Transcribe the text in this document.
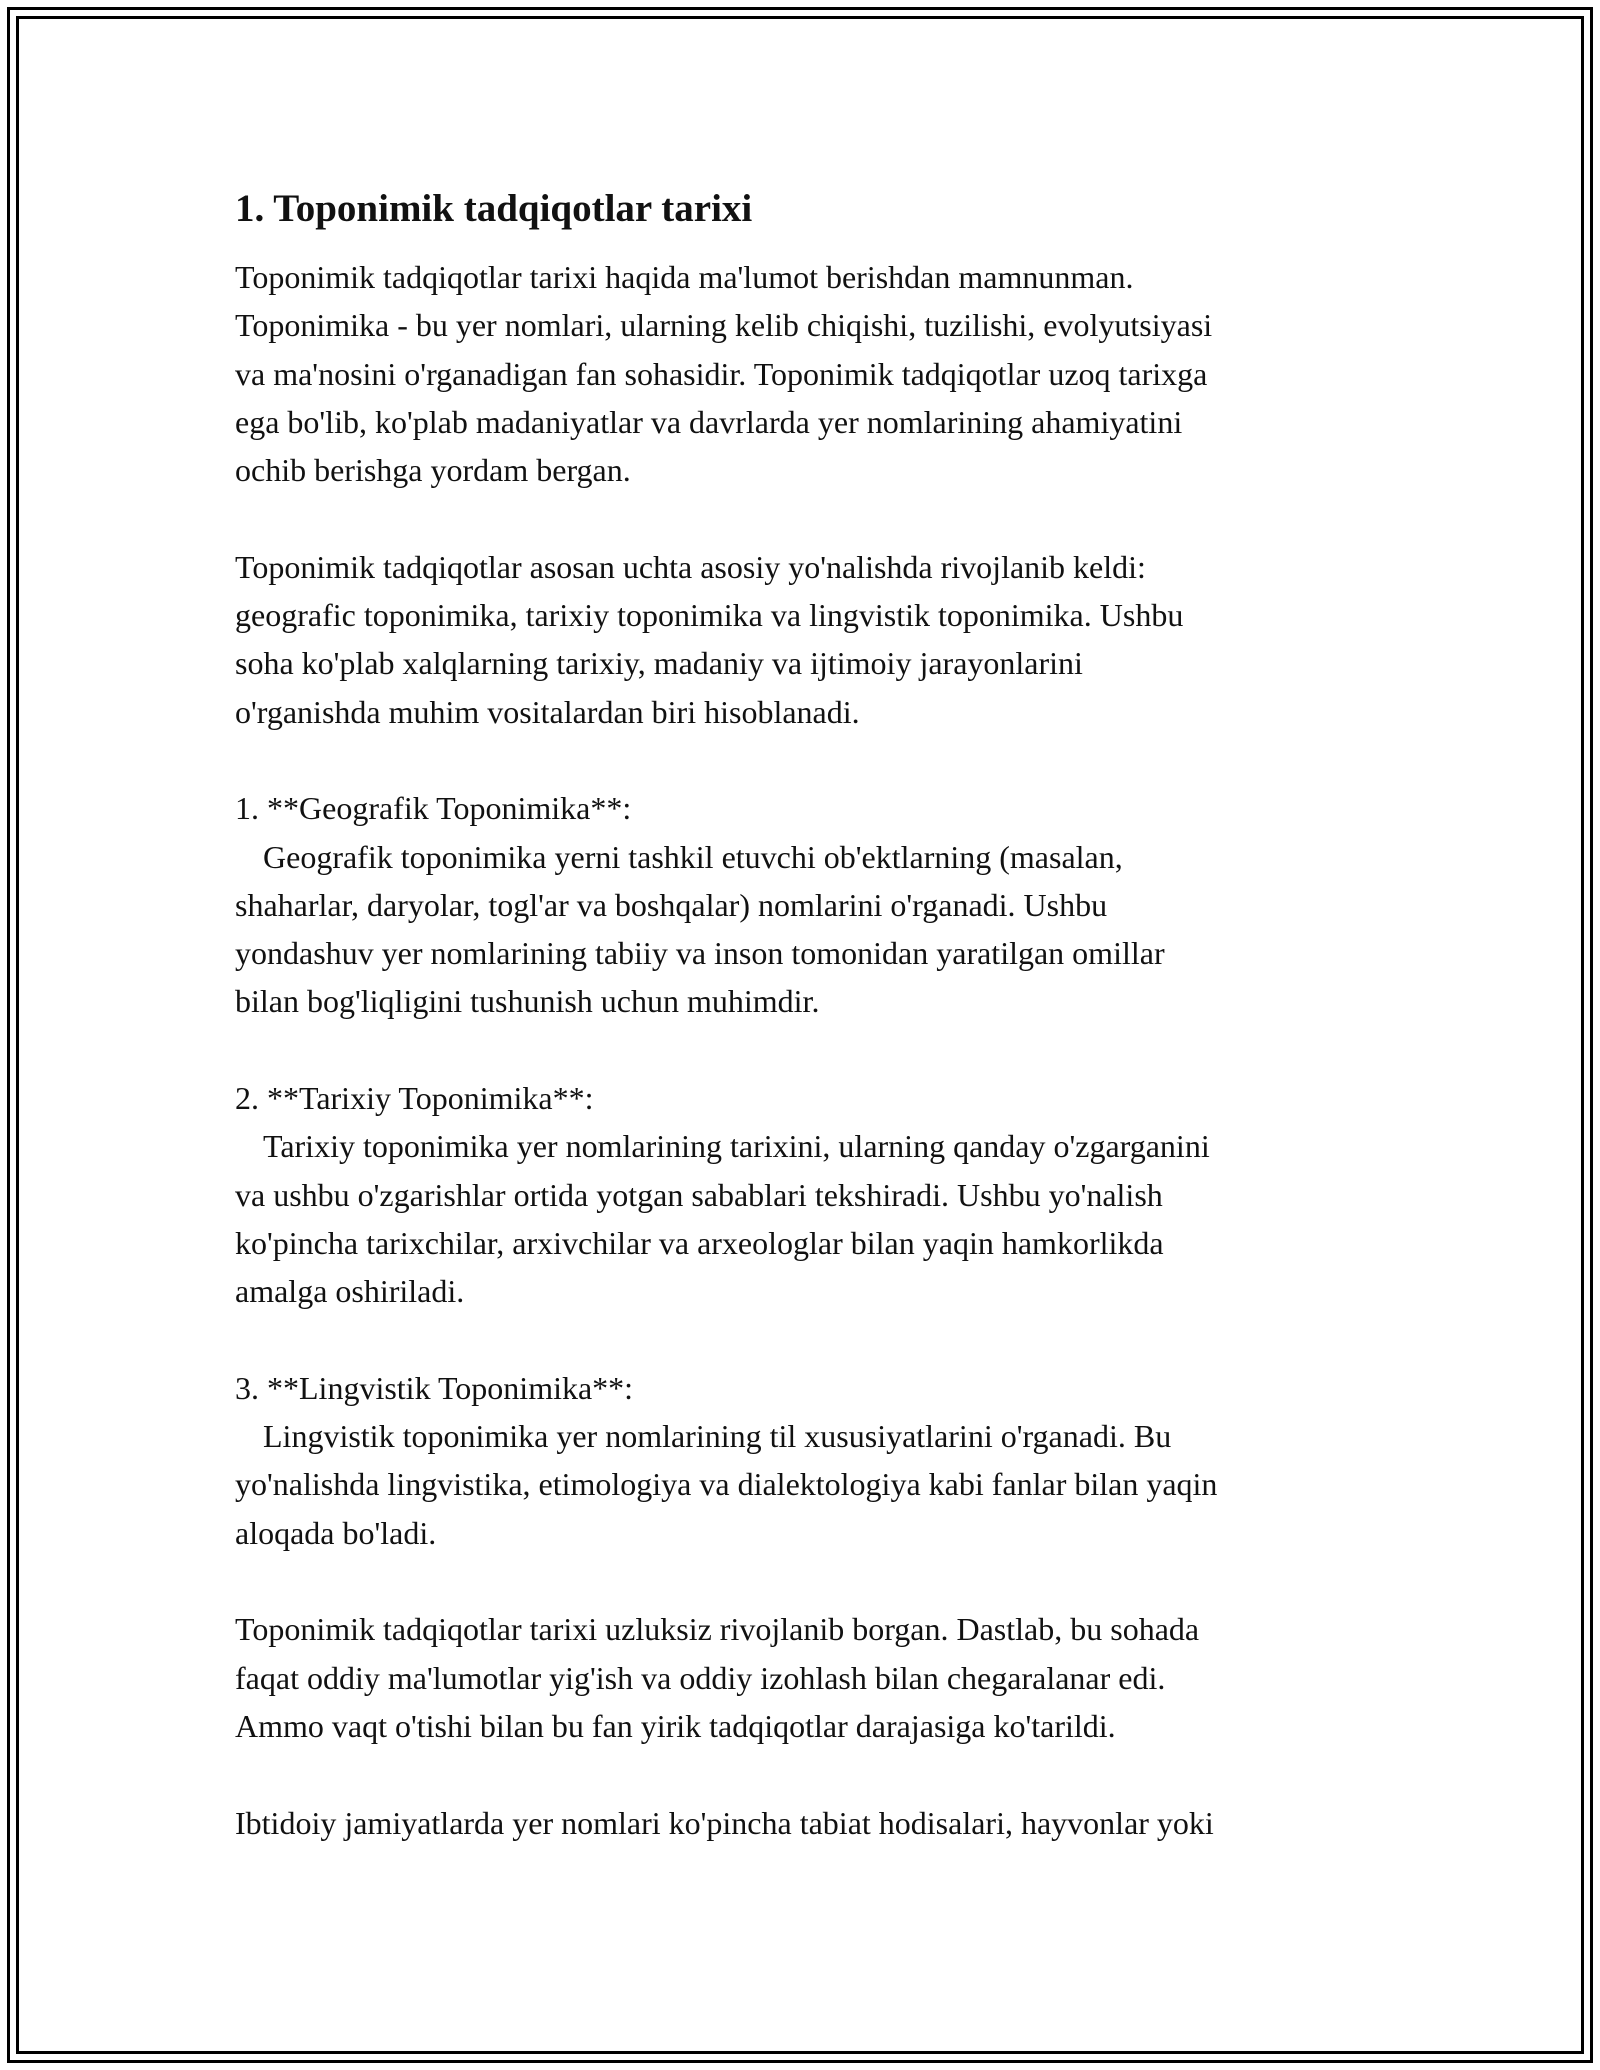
1. Toponimik tadqiqotlar tarixi

Toponimik tadqiqotlar tarixi haqida ma'lumot berishdan mamnunman.
Toponimika - bu yer nomlari, ularning kelib chiqishi, tuzilishi, evolyutsiyasi
va ma'nosini o'rganadigan fan sohasidir. Toponimik tadqiqotlar uzoq tarixga
ega bo'lib, ko'plab madaniyatlar va davrlarda yer nomlarining ahamiyatini
ochib berishga yordam bergan.

Toponimik tadqiqotlar asosan uchta asosiy yo'nalishda rivojlanib keldi:
geografic toponimika, tarixiy toponimika va lingvistik toponimika. Ushbu
soha ko'plab xalqlarning tarixiy, madaniy va ijtimoiy jarayonlarini
o'rganishda muhim vositalardan biri hisoblanadi.

1. **Geografik Toponimika**:
Geografik toponimika yerni tashkil etuvchi ob'ektlarning (masalan,
shaharlar, daryolar, togl'ar va boshqalar) nomlarini o'rganadi. Ushbu
yondashuv yer nomlarining tabiiy va inson tomonidan yaratilgan omillar
bilan bog'liqligini tushunish uchun muhimdir.
2. **Tarixiy Toponimika**:
Tarixiy toponimika yer nomlarining tarixini, ularning qanday o'zgarganini
va ushbu o'zgarishlar ortida yotgan sabablari tekshiradi. Ushbu yo'nalish
ko'pincha tarixchilar, arxivchilar va arxeologlar bilan yaqin hamkorlikda
amalga oshiriladi.
3. **Lingvistik Toponimika**:
Lingvistik toponimika yer nomlarining til xususiyatlarini o'rganadi. Bu
yo'nalishda lingvistika, etimologiya va dialektologiya kabi fanlar bilan yaqin
aloqada bo'ladi.

Toponimik tadqiqotlar tarixi uzluksiz rivojlanib borgan. Dastlab, bu sohada
faqat oddiy ma'lumotlar yig'ish va oddiy izohlash bilan chegaralanar edi.
Ammo vaqt o'tishi bilan bu fan yirik tadqiqotlar darajasiga ko'tarildi.

Ibtidoiy jamiyatlarda yer nomlari ko'pincha tabiat hodisalari, hayvonlar yoki
